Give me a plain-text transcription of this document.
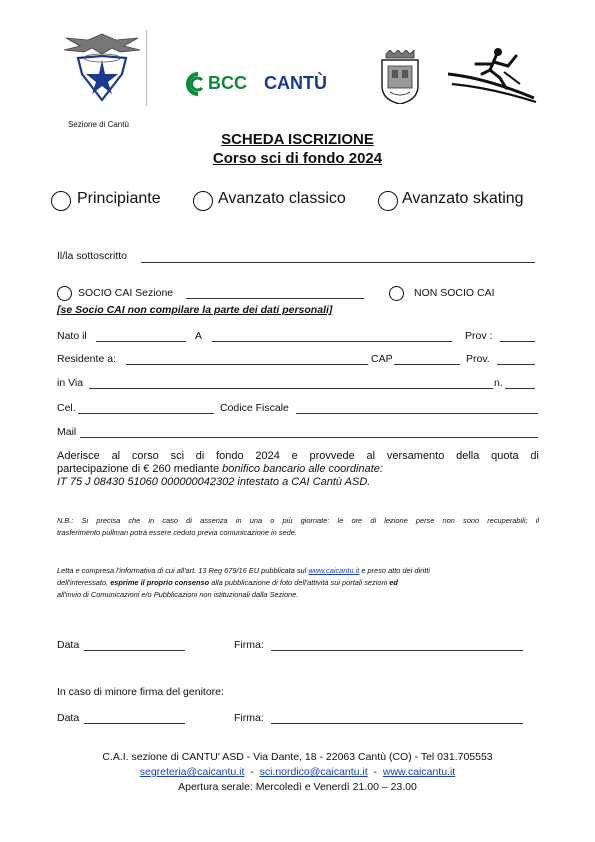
Sezione di Cantù
BCC CANTÙ
SCHEDA ISCRIZIONE
Corso sci di fondo 2024
Principiante	Avanzato classico	Avanzato skating
Il/la sottoscritto
SOCIO CAI Sezione	NON SOCIO CAI
[se Socio CAI non compilare la parte dei dati personali]
Nato il	A	Prov :
Residente a:	CAP	Prov.
in Via	n.
Cel.	Codice Fiscale
Mail
Aderisce al corso sci di fondo 2024 e provvede al versamento della quota di
partecipazione di € 260 mediante bonifico bancario alle coordinate:
IT 75 J 08430 51060 000000042302 intestato a CAI Cantù ASD.
N.B.: Si precisa che in caso di assenza in una o più giornate: le ore di lezione perse non sono recuperabili; il
trasferimento pullman potrà essere ceduto previa comunicazione in sede.
Letta e compresa l'informativa di cui all'art. 13 Reg 679/16 EU pubblicata sul www.caicantu.it e preso atto dei diritti
dell'interessato, esprime il proprio consenso alla pubblicazione di foto dell'attività sui portali sezioni ed
all'invio di Comunicazioni e/o Pubblicazioni non istituzionali dalla Sezione.
Data	Firma:
In caso di minore firma del genitore:
Data	Firma:
C.A.I. sezione di CANTU' ASD - Via Dante, 18 - 22063 Cantù (CO) - Tel 031.705553
segreteria@caicantu.it  -  sci.nordico@caicantu.it  -  www.caicantu.it
Apertura serale: Mercoledì e Venerdì 21.00 – 23.00
